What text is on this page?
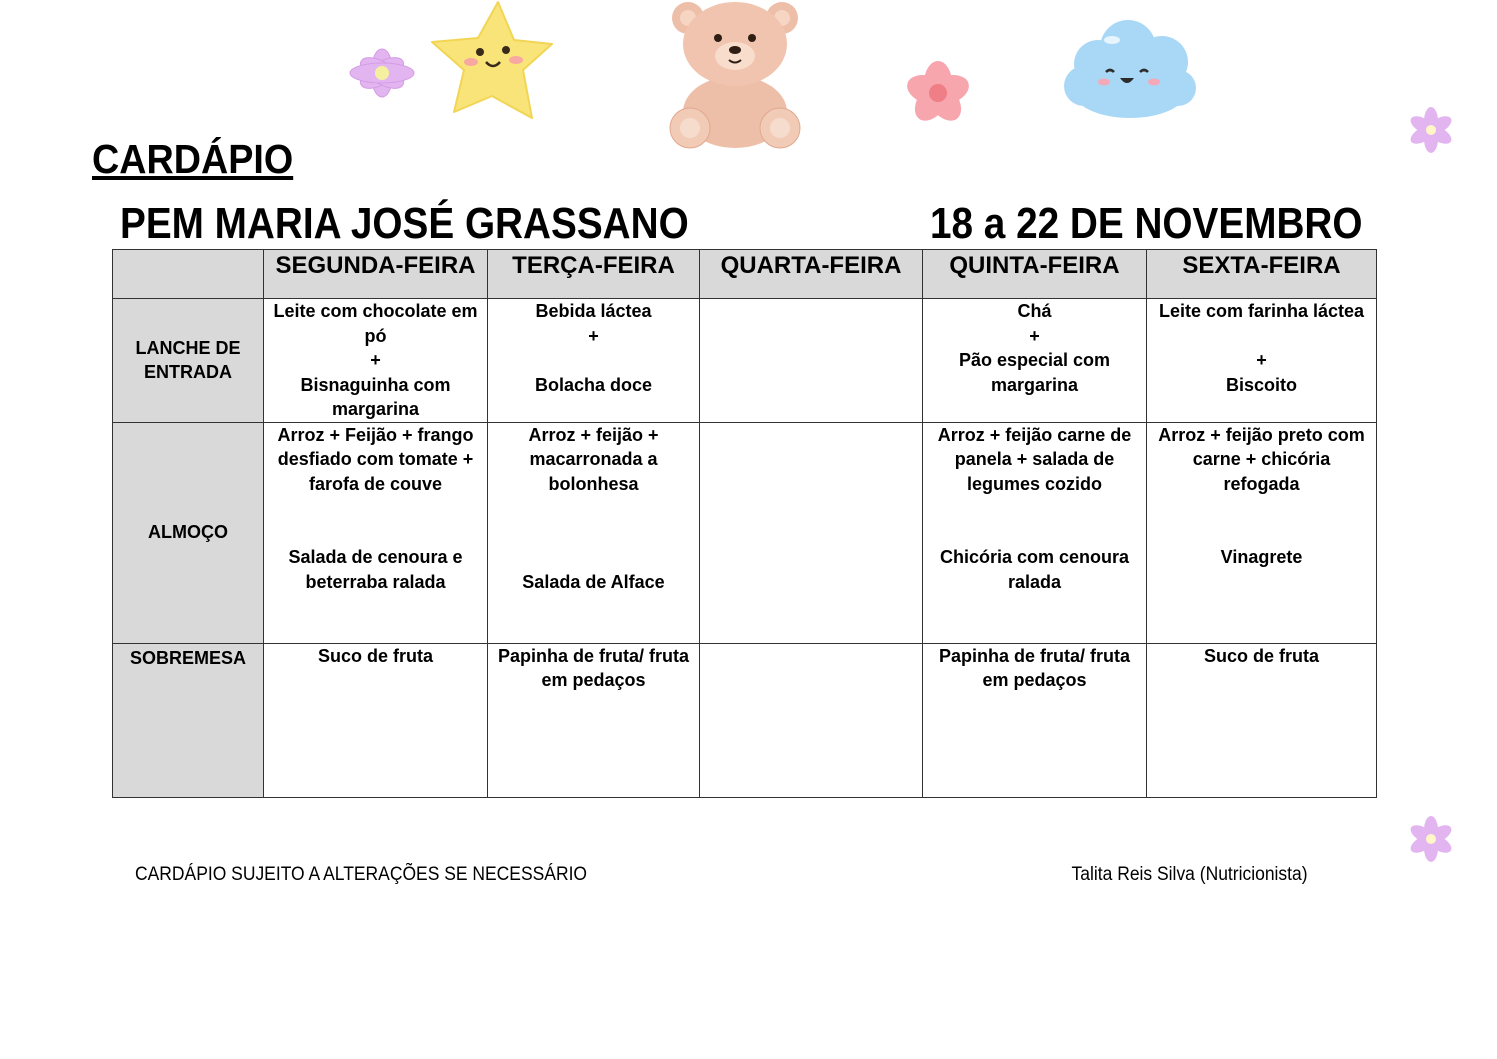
CARDÁPIO
PEM MARIA JOSÉ GRASSANO	18 a 22 DE NOVEMBRO
	SEGUNDA-FEIRA	TERÇA-FEIRA	QUARTA-FEIRA	QUINTA-FEIRA	SEXTA-FEIRA
LANCHE DE
ENTRADA	Leite com chocolate em
pó
+
Bisnaguinha com
margarina	Bebida láctea
+

Bolacha doce		Chá
+
Pão especial com
margarina	Leite com farinha láctea

+
Biscoito

ALMOÇO	Arroz + Feijão + frango
desfiado com tomate +
farofa de couve

Salada de cenoura e
beterraba ralada	Arroz + feijão +
macarronada a
bolonhesa

Salada de Alface		Arroz + feijão carne de
panela + salada de
legumes cozido

Chicória com cenoura
ralada	Arroz + feijão preto com
carne + chicória
refogada

Vinagrete

SOBREMESA	Suco de fruta	Papinha de fruta/ fruta
em pedaços		Papinha de fruta/ fruta
em pedaços	Suco de fruta
CARDÁPIO SUJEITO A ALTERAÇÕES SE NECESSÁRIO	Talita Reis Silva (Nutricionista)
